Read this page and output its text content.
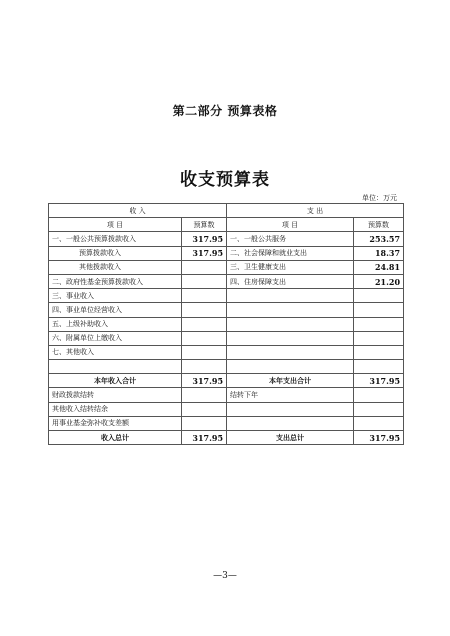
第二部分 预算表格
收支预算表
单位：万元
收 入		支 出	
项 目	预算数	项 目	预算数
一、一般公共预算拨款收入	317.95	一、一般公共服务	253.57
预算拨款收入	317.95	二、社会保障和就业支出	18.37
其他拨款收入		三、卫生健康支出	24.81
二、政府性基金预算拨款收入		四、住房保障支出	21.20
三、事业收入			
四、事业单位经营收入			
五、上级补助收入			
六、附属单位上缴收入			
七、其他收入			

本年收入合计	317.95	本年支出合计	317.95
财政拨款结转		结转下年	
其他收入结转结余			
用事业基金弥补收支差额			
收入总计	317.95	支出总计	317.95
—3—
